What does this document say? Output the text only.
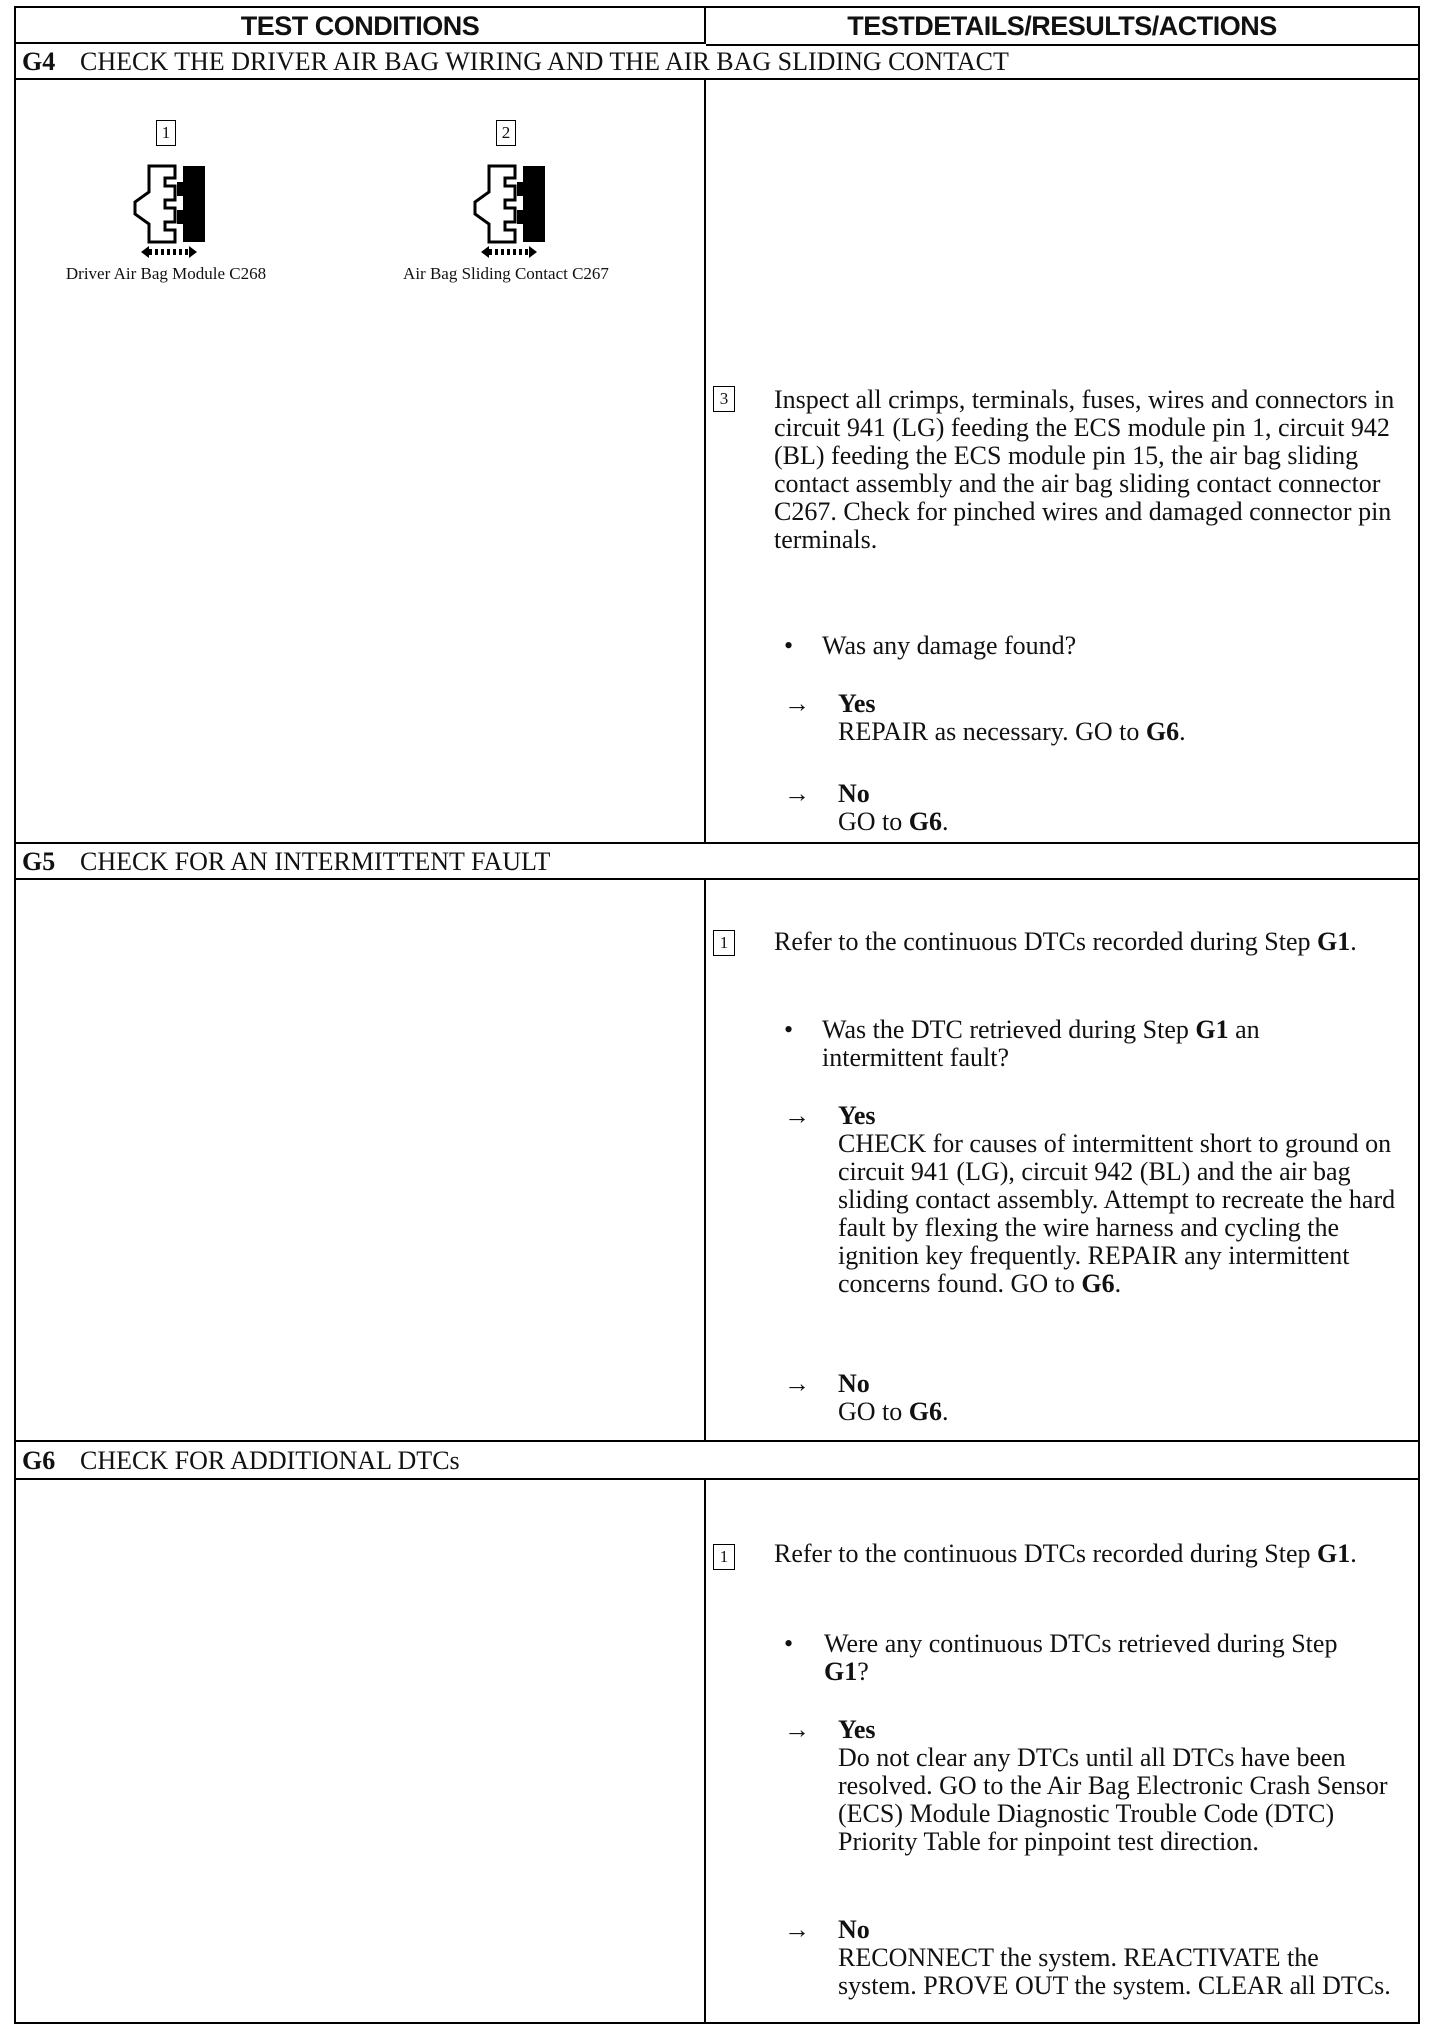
TEST CONDITIONS	TESTDETAILS/RESULTS/ACTIONS
G4 CHECK THE DRIVER AIR BAG WIRING AND THE AIR BAG SLIDING CONTACT
1
Driver Air Bag Module C268
2
Air Bag Sliding Contact C267
3 Inspect all crimps, terminals, fuses, wires and connectors in circuit 941 (LG) feeding the ECS module pin 1, circuit 942 (BL) feeding the ECS module pin 15, the air bag sliding contact assembly and the air bag sliding contact connector C267. Check for pinched wires and damaged connector pin terminals.
• Was any damage found?
→ Yes
REPAIR as necessary. GO to G6.
→ No
GO to G6.
G5 CHECK FOR AN INTERMITTENT FAULT
1 Refer to the continuous DTCs recorded during Step G1.
• Was the DTC retrieved during Step G1 an intermittent fault?
→ Yes
CHECK for causes of intermittent short to ground on circuit 941 (LG), circuit 942 (BL) and the air bag sliding contact assembly. Attempt to recreate the hard fault by flexing the wire harness and cycling the ignition key frequently. REPAIR any intermittent concerns found. GO to G6.
→ No
GO to G6.
G6 CHECK FOR ADDITIONAL DTCs
1 Refer to the continuous DTCs recorded during Step G1.
• Were any continuous DTCs retrieved during Step G1?
→ Yes
Do not clear any DTCs until all DTCs have been resolved. GO to the Air Bag Electronic Crash Sensor (ECS) Module Diagnostic Trouble Code (DTC) Priority Table for pinpoint test direction.
→ No
RECONNECT the system. REACTIVATE the system. PROVE OUT the system. CLEAR all DTCs.
